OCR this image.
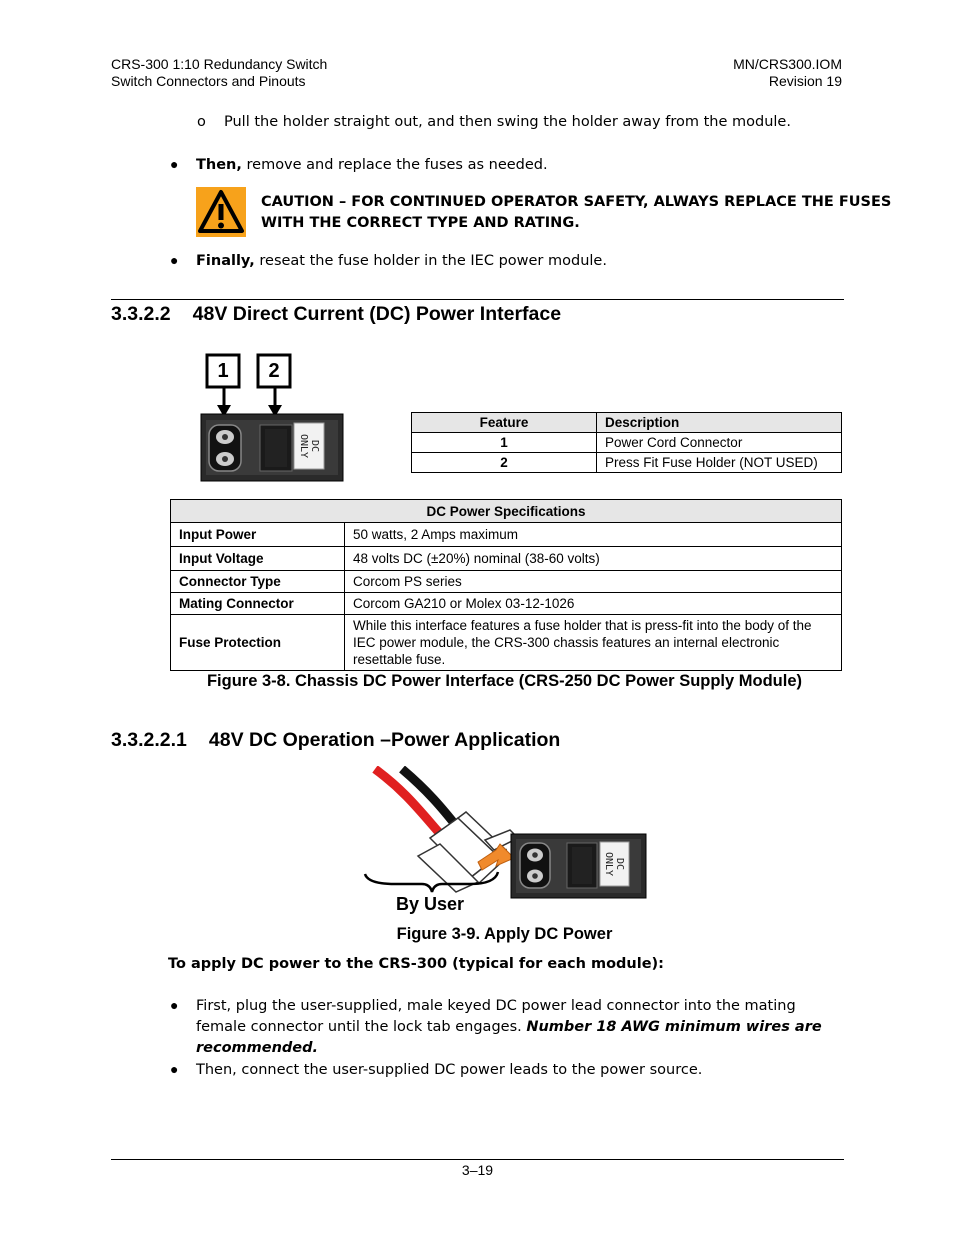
CRS-300 1:10 Redundancy Switch
Switch Connectors and Pinouts
MN/CRS300.IOM
Revision 19
o Pull the holder straight out, and then swing the holder away from the module.
● Then, remove and replace the fuses as needed.
CAUTION – FOR CONTINUED OPERATOR SAFETY, ALWAYS REPLACE THE FUSES
WITH THE CORRECT TYPE AND RATING.
● Finally, reseat the fuse holder in the IEC power module.
3.3.2.2 48V Direct Current (DC) Power Interface
1	2
DC
ONLY
Feature	Description
1	Power Cord Connector
2	Press Fit Fuse Holder (NOT USED)
DC Power Specifications	
Input Power	50 watts, 2 Amps maximum
Input Voltage	48 volts DC (±20%) nominal (38-60 volts)
Connector Type	Corcom PS series
Mating Connector	Corcom GA210 or Molex 03-12-1026
Fuse Protection	While this interface features a fuse holder that is press-fit into the body of the IEC power module, the CRS-300 chassis features an internal electronic resettable fuse.
Figure 3-8. Chassis DC Power Interface (CRS-250 DC Power Supply Module)
3.3.2.2.1 48V DC Operation –Power Application
DC
ONLY
By User
Figure 3-9. Apply DC Power
To apply DC power to the CRS-300 (typical for each module):
● First, plug the user-supplied, male keyed DC power lead connector into the mating female connector until the lock tab engages. Number 18 AWG minimum wires are recommended.
● Then, connect the user-supplied DC power leads to the power source.
3–19
